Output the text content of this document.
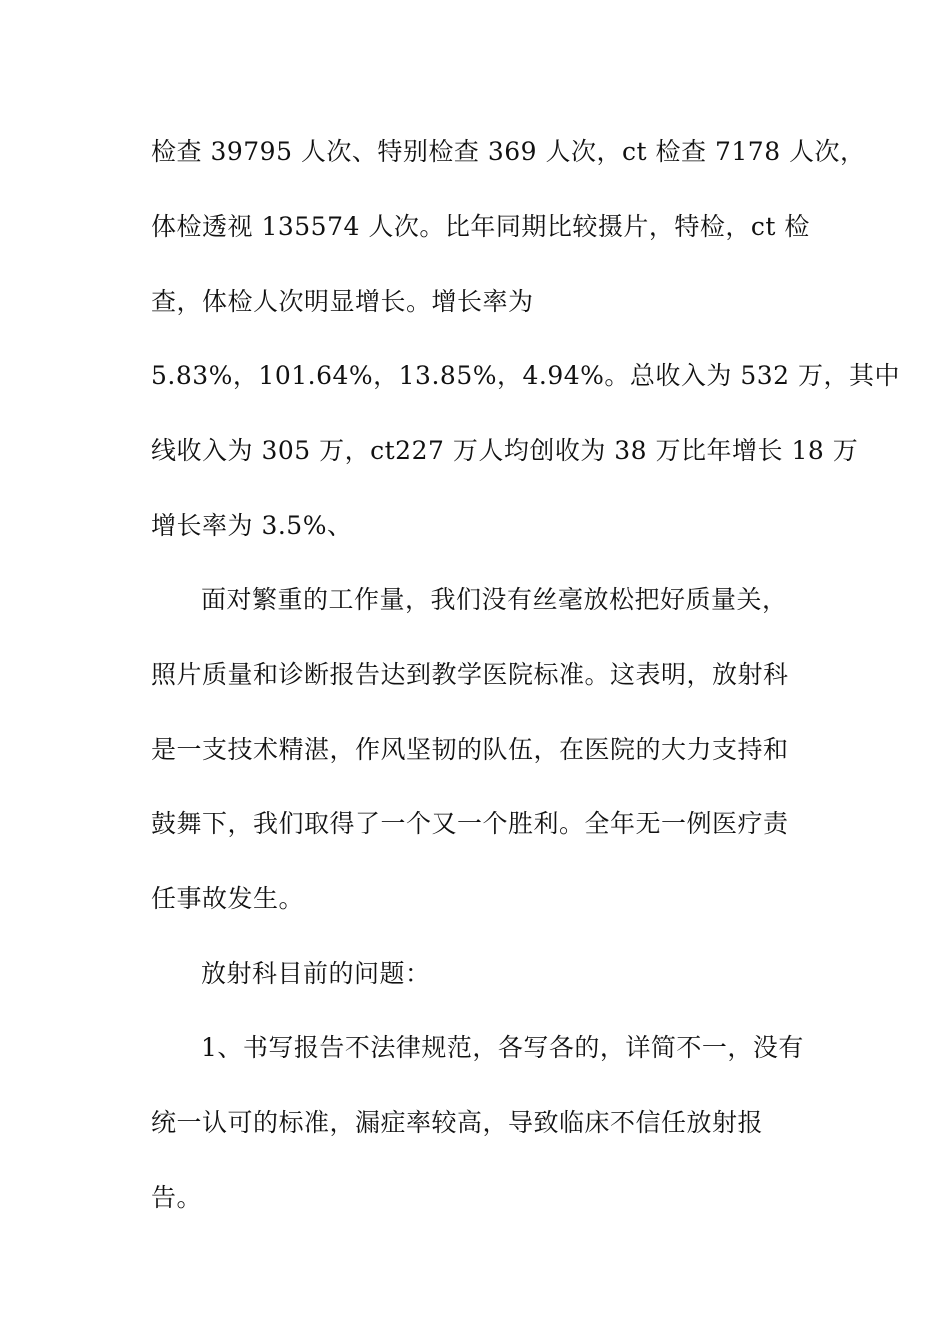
检查 39795 人次、特别检查 369 人次，ct 检查 7178 人次，
体检透视 135574 人次。比年同期比较摄片，特检，ct 检
查，体检人次明显增长。增长率为
5.83%，101.64%，13.85%，4.94%。总收入为 532 万，其中
线收入为 305 万，ct227 万人均创收为 38 万比年增长 18 万
增长率为 3.5%、
面对繁重的工作量，我们没有丝毫放松把好质量关，
照片质量和诊断报告达到教学医院标准。这表明，放射科
是一支技术精湛，作风坚韧的队伍，在医院的大力支持和
鼓舞下，我们取得了一个又一个胜利。全年无一例医疗责
任事故发生。
放射科目前的问题：
1、书写报告不法律规范，各写各的，详简不一，没有
统一认可的标准，漏症率较高，导致临床不信任放射报
告。
